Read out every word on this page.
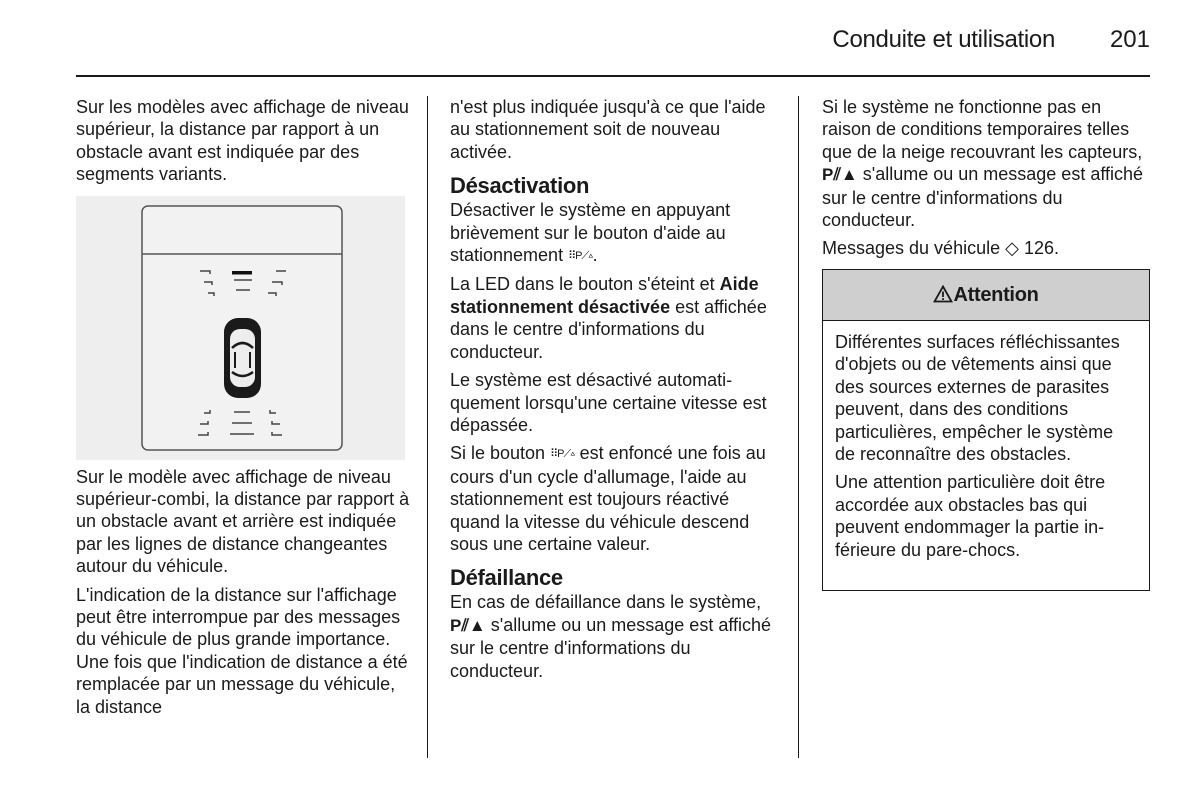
Conduite et utilisation 201

Sur les modèles avec affichage de niveau supérieur, la distance par rapport à un obstacle avant est indiquée par des segments variants.

Sur le modèle avec affichage de niveau supérieur-combi, la distance par rapport à un obstacle avant et arrière est indiquée par les lignes de distance changeantes autour du véhicule.

L'indication de la distance sur l'affichage peut être interrompue par des messages du véhicule de plus grande importance. Une fois que l'indication de distance a été remplacée par un message du véhicule, la distance

n'est plus indiquée jusqu'à ce que l'aide au stationnement soit de nouveau activée.

Désactivation

Désactiver le système en appuyant brièvement sur le bouton d'aide au stationnement ⠿P⟋▵.

La LED dans le bouton s'éteint et Aide stationnement désactivée est affichée dans le centre d'informations du conducteur.

Le système est désactivé automatiquement lorsqu'une certaine vitesse est dépassée.

Si le bouton ⠿P⟋▵ est enfoncé une fois au cours d'un cycle d'allumage, l'aide au stationnement est toujours réactivé quand la vitesse du véhicule descend sous une certaine valeur.

Défaillance

En cas de défaillance dans le système, P⫽▲ s'allume ou un message est affiché sur le centre d'informations du conducteur.

Si le système ne fonctionne pas en raison de conditions temporaires telles que de la neige recouvrant les capteurs, P⫽▲ s'allume ou un message est affiché sur le centre d'informations du conducteur.

Messages du véhicule ◇ 126.

Attention

Différentes surfaces réfléchissantes d'objets ou de vêtements ainsi que des sources externes de parasites peuvent, dans des conditions particulières, empêcher le système de reconnaître des obstacles.

Une attention particulière doit être accordée aux obstacles bas qui peuvent endommager la partie inférieure du pare-chocs.
